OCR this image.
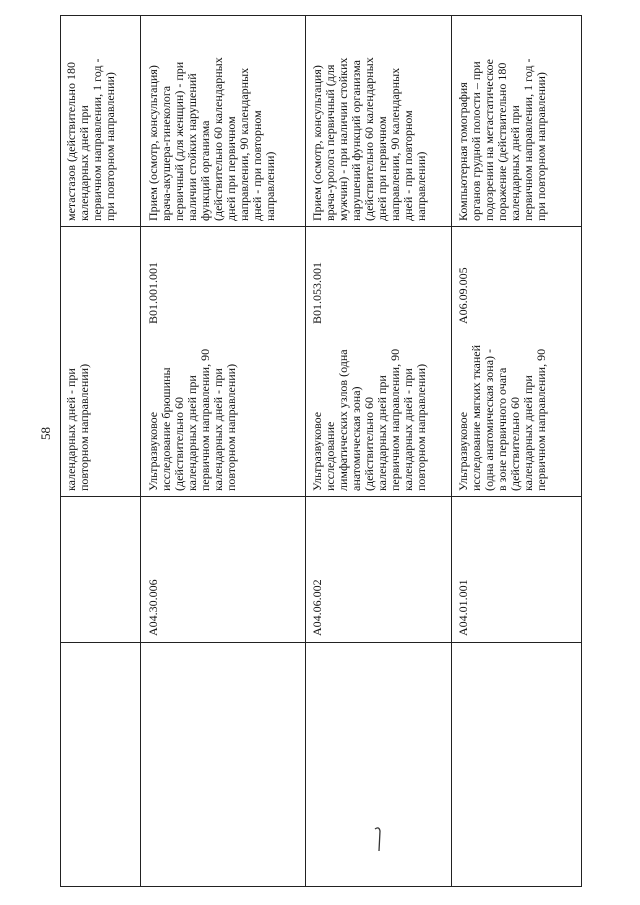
58 календарных дней - при повторном направлении)
метастазов (действительно 180 календарных дней при первичном направлении, 1 год - при повторном направлении)
A04.30.006
Ультразвуковое исследование брюшины (действительно 60 календарных дней при первичном направлении, 90 календарных дней - при повторном направлении)
B01.001.001
Прием (осмотр, консультация) врача-акушера-гинеколога первичный (для женщин) - при наличии стойких нарушений функций организма (действительно 60 календарных дней при первичном направлении, 90 календарных дней - при повторном направлении)
A04.06.002
Ультразвуковое исследование лимфатических узлов (одна анатомическая зона) (действительно 60 календарных дней при первичном направлении, 90 календарных дней - при повторном направлении)
B01.053.001
Прием (осмотр, консультация) врача-уролога первичный (для мужчин) - при наличии стойких нарушений функций организма (действительно 60 календарных дней при первичном направлении, 90 календарных дней - при повторном направлении)
A04.01.001
Ультразвуковое исследование мягких тканей (одна анатомическая зона) - в зоне первичного очага (действительно 60 календарных дней при первичном направлении, 90
A06.09.005
Компьютерная томография органов грудной полости – при подозрении на метастатическое поражение (действительно 180 календарных дней при первичном направлении, 1 год - при повторном направлении)
